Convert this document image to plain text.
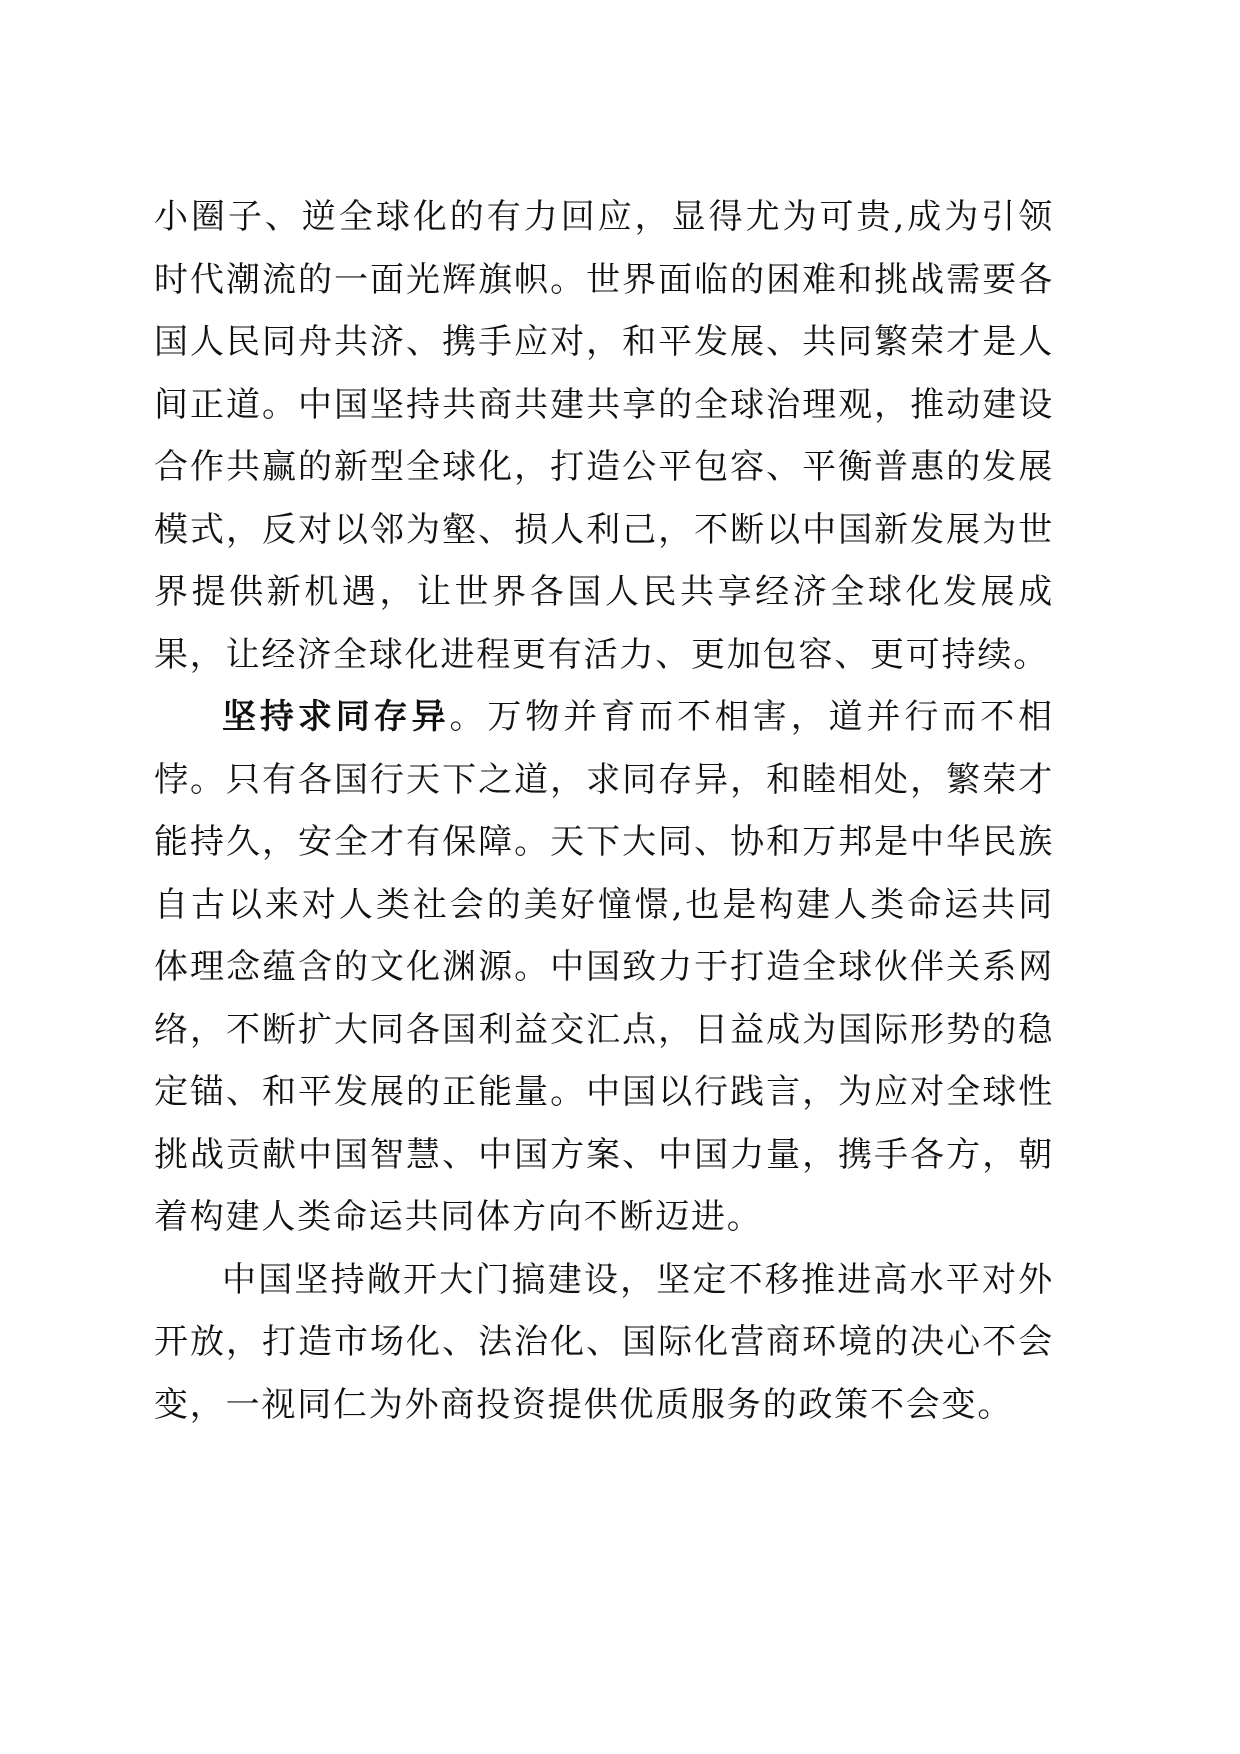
小圈子、逆全球化的有力回应，显得尤为可贵,成为引领时代潮流的一面光辉旗帜。世界面临的困难和挑战需要各国人民同舟共济、携手应对，和平发展、共同繁荣才是人间正道。中国坚持共商共建共享的全球治理观，推动建设合作共赢的新型全球化，打造公平包容、平衡普惠的发展模式，反对以邻为壑、损人利己，不断以中国新发展为世界提供新机遇，让世界各国人民共享经济全球化发展成果，让经济全球化进程更有活力、更加包容、更可持续。

坚持求同存异。万物并育而不相害，道并行而不相悖。只有各国行天下之道，求同存异，和睦相处，繁荣才能持久，安全才有保障。天下大同、协和万邦是中华民族自古以来对人类社会的美好憧憬,也是构建人类命运共同体理念蕴含的文化渊源。中国致力于打造全球伙伴关系网络，不断扩大同各国利益交汇点，日益成为国际形势的稳定锚、和平发展的正能量。中国以行践言，为应对全球性挑战贡献中国智慧、中国方案、中国力量，携手各方，朝着构建人类命运共同体方向不断迈进。

中国坚持敞开大门搞建设，坚定不移推进高水平对外开放，打造市场化、法治化、国际化营商环境的决心不会变，一视同仁为外商投资提供优质服务的政策不会变。
